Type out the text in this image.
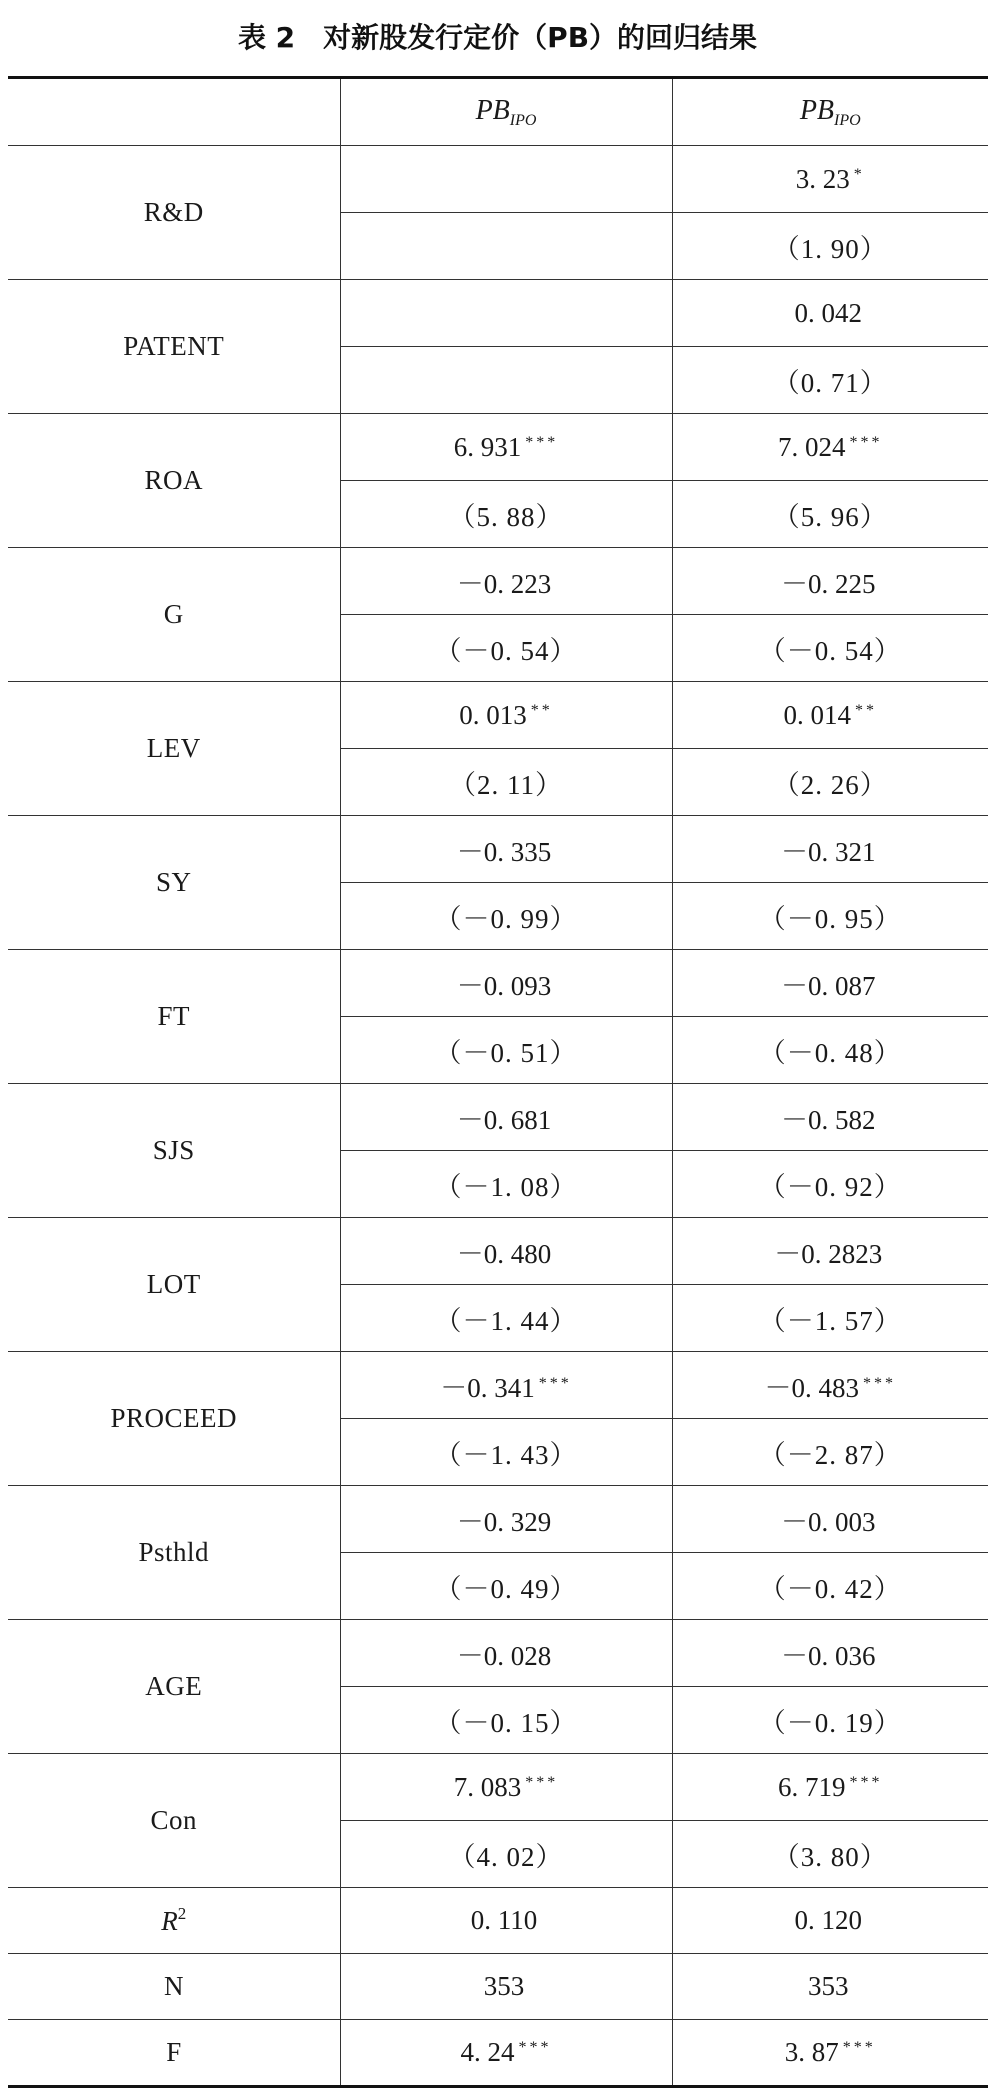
表 2　对新股发行定价（PB）的回归结果
	$PB_{IPO}$	$PB_{IPO}$
R&D		3. 23 *
		（1. 90）
PATENT		0. 042
		（0. 71）
ROA	6. 931 ***	7. 024 ***
	（5. 88）	（5. 96）
G	－0. 223	－0. 225
	（－0. 54）	（－0. 54）
LEV	0. 013 **	0. 014 **
	（2. 11）	（2. 26）
SY	－0. 335	－0. 321
	（－0. 99）	（－0. 95）
FT	－0. 093	－0. 087
	（－0. 51）	（－0. 48）
SJS	－0. 681	－0. 582
	（－1. 08）	（－0. 92）
LOT	－0. 480	－0. 2823
	（－1. 44）	（－1. 57）
PROCEED	－0. 341 ***	－0. 483 ***
	（－1. 43）	（－2. 87）
Psthld	－0. 329	－0. 003
	（－0. 49）	（－0. 42）
AGE	－0. 028	－0. 036
	（－0. 15）	（－0. 19）
Con	7. 083 ***	6. 719 ***
	（4. 02）	（3. 80）
$R^2$	0. 110	0. 120
N	353	353
F	4. 24 ***	3. 87 ***
